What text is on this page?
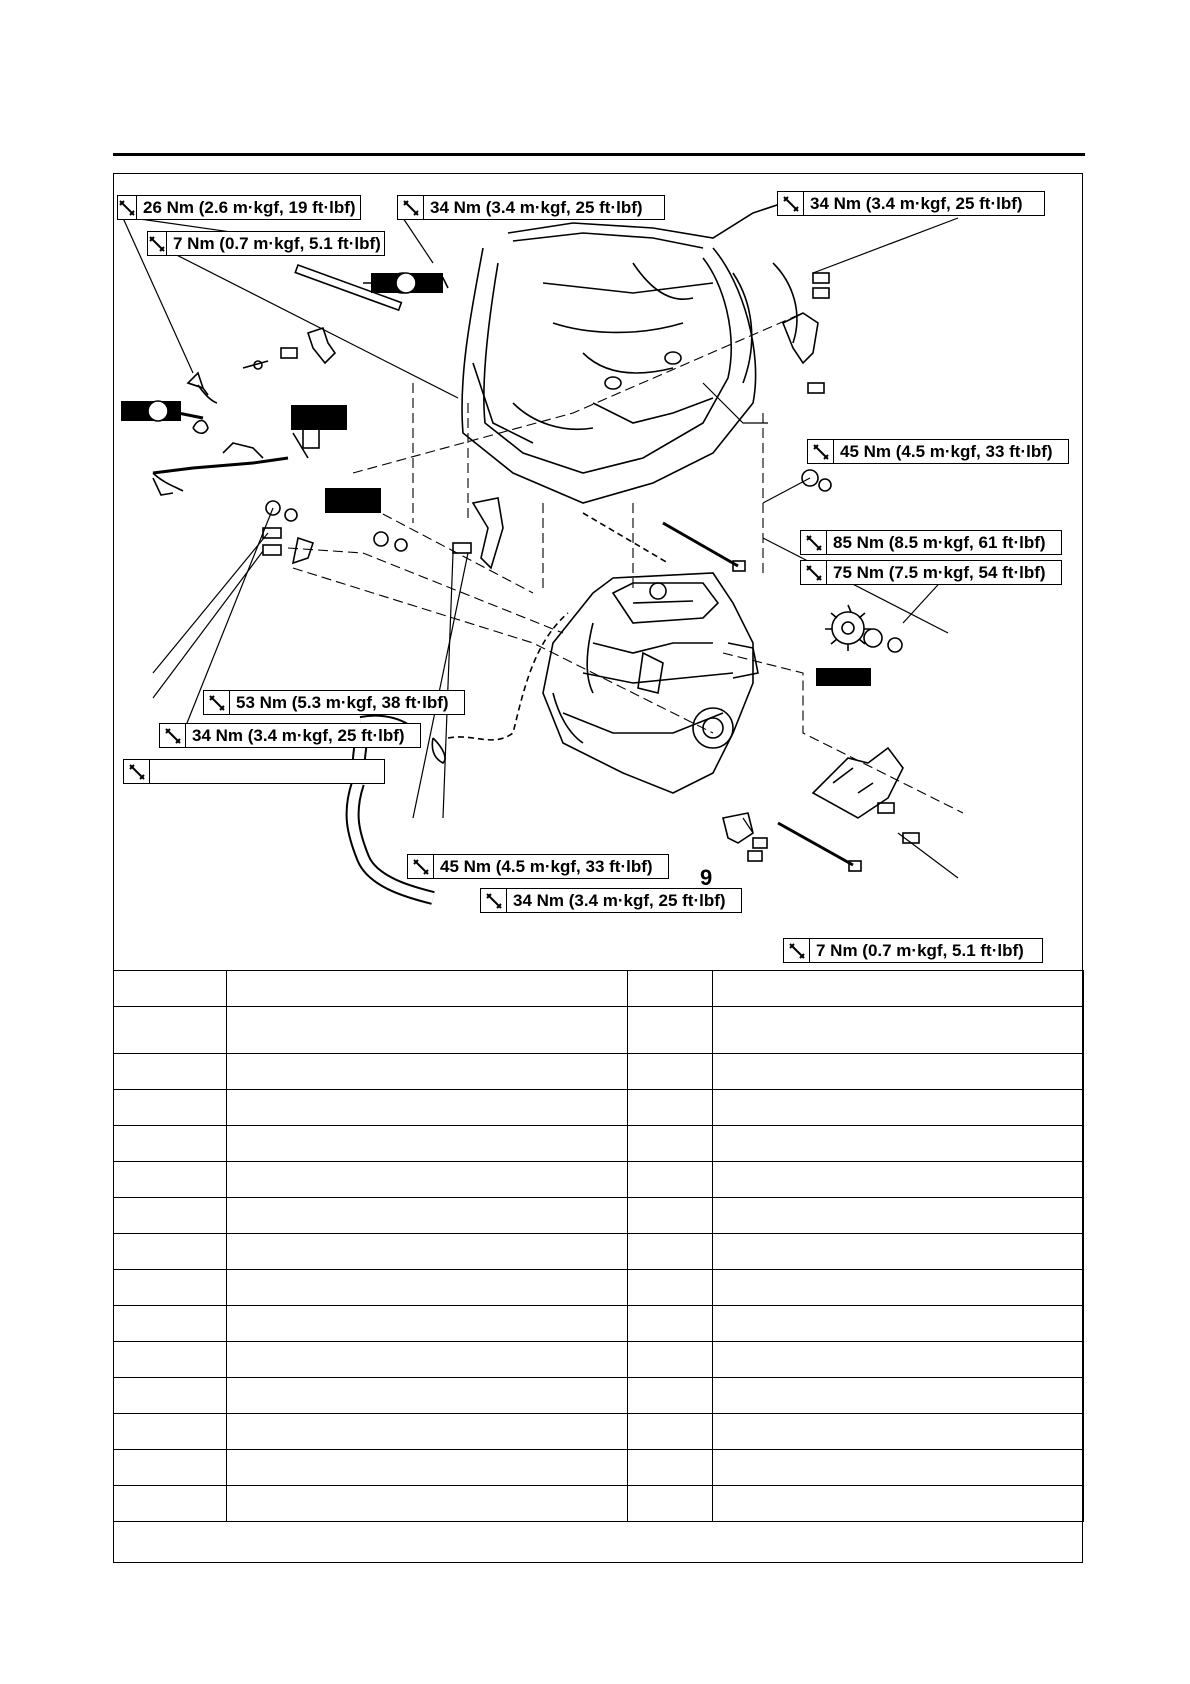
26 Nm (2.6 m·kgf, 19 ft·lbf)
7 Nm (0.7 m·kgf, 5.1 ft·lbf)
34 Nm (3.4 m·kgf, 25 ft·lbf)	34 Nm (3.4 m·kgf, 25 ft·lbf)
45 Nm (4.5 m·kgf, 33 ft·lbf)
85 Nm (8.5 m·kgf, 61 ft·lbf)
75 Nm (7.5 m·kgf, 54 ft·lbf)
53 Nm (5.3 m·kgf, 38 ft·lbf)
34 Nm (3.4 m·kgf, 25 ft·lbf)
45 Nm (4.5 m·kgf, 33 ft·lbf)
34 Nm (3.4 m·kgf, 25 ft·lbf)
7 Nm (0.7 m·kgf, 5.1 ft·lbf)
9
